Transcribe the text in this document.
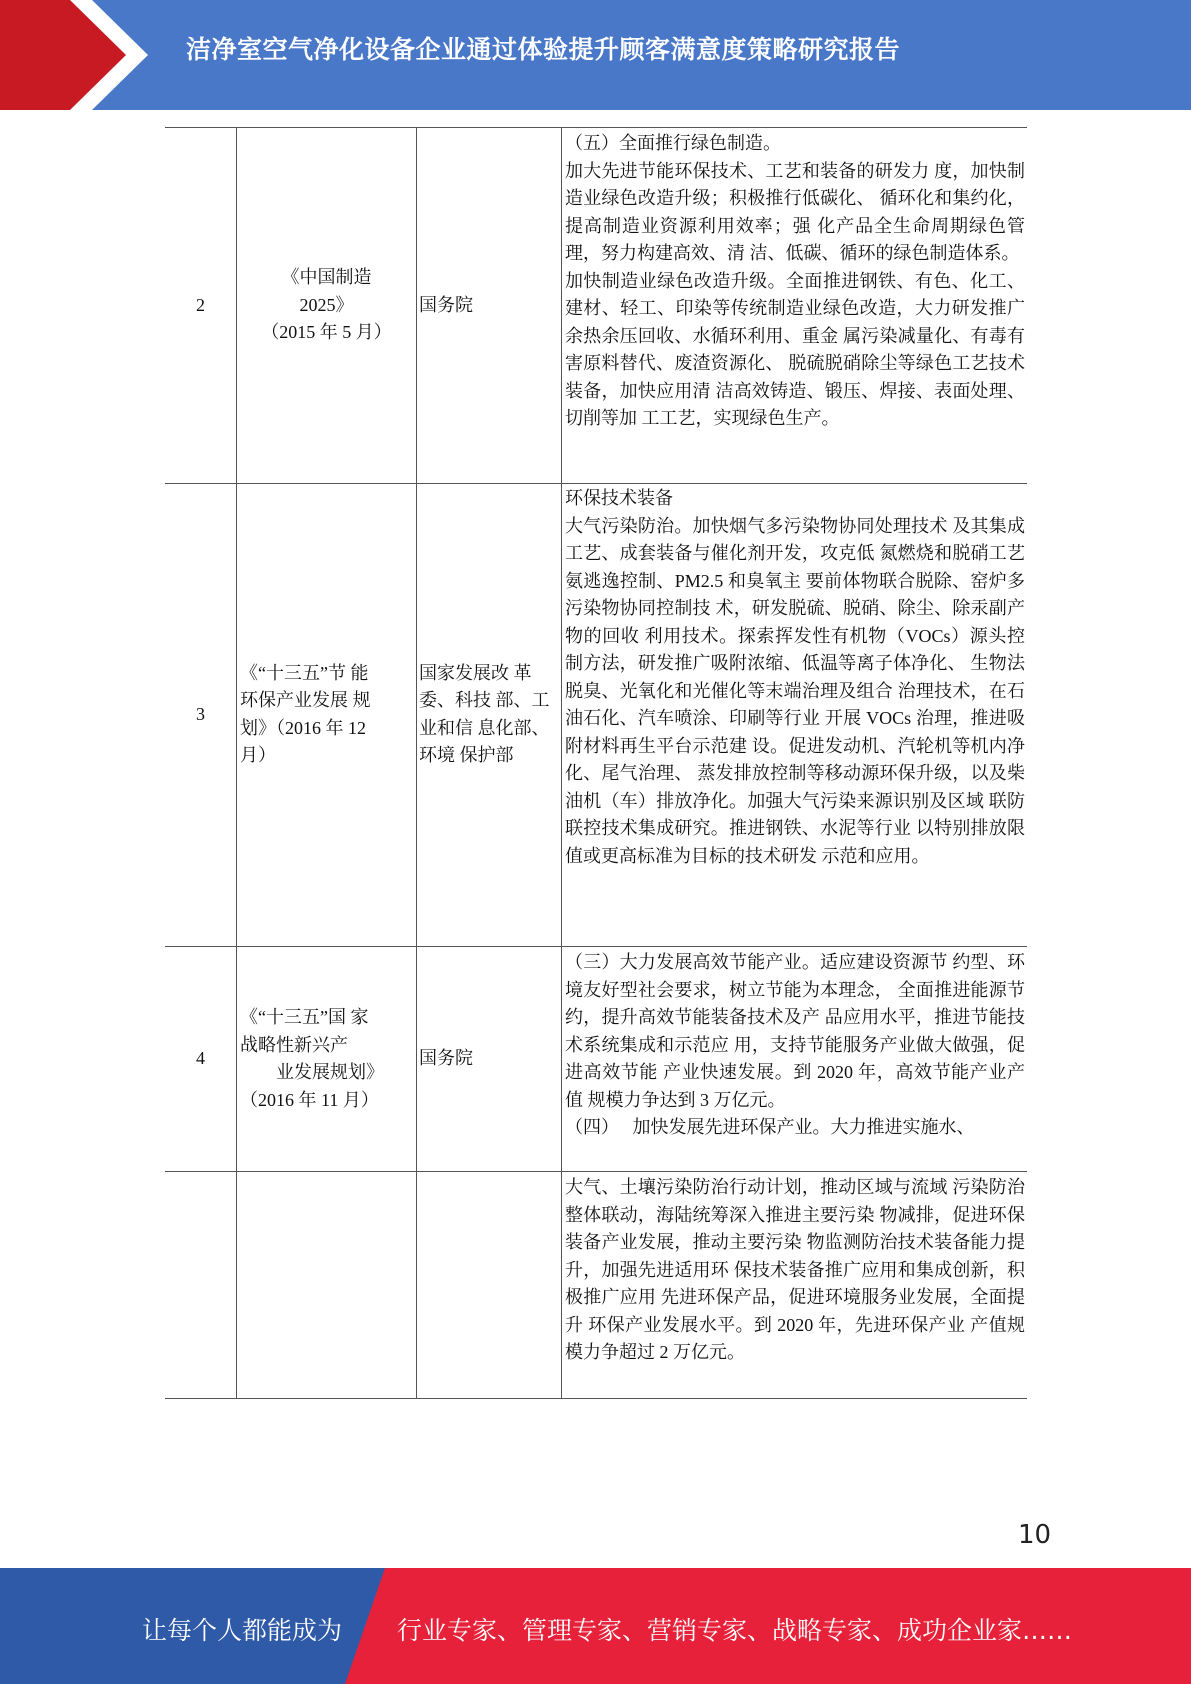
洁净室空气净化设备企业通过体验提升顾客满意度策略研究报告
2
《中国制造
2025》
（2015 年 5 月）
国务院

（五）全面推行绿色制造。

加大先进节能环保技术、工艺和装备的研发力 度，加快制造业绿色改造升级；积极推行低碳化、 循环化和集约化，提高制造业资源利用效率；强 化产品全生命周期绿色管理，努力构建高效、清 洁、低碳、循环的绿色制造体系。

加快制造业绿色改造升级。全面推进钢铁、有色、化工、建材、轻工、印染等传统制造业绿色改造，大力研发推广余热余压回收、水循环利用、重金 属污染减量化、有毒有害原料替代、废渣资源化、 脱硫脱硝除尘等绿色工艺技术装备，加快应用清 洁高效铸造、锻压、焊接、表面处理、切削等加 工工艺，实现绿色生产。

3
《“十三五”节 能
环保产业发展 规
划》（2016 年 12
月）
国家发展改 革委、科技 部、工业和信 息化部、环境 保护部

环保技术装备

大气污染防治。加快烟气多污染物协同处理技术 及其集成工艺、成套装备与催化剂开发，攻克低 氮燃烧和脱硝工艺氨逃逸控制、PM2.5 和臭氧主 要前体物联合脱除、窑炉多污染物协同控制技 术，研发脱硫、脱硝、除尘、除汞副产物的回收 利用技术。探索挥发性有机物（VOCs）源头控 制方法，研发推广吸附浓缩、低温等离子体净化、 生物法脱臭、光氧化和光催化等末端治理及组合 治理技术，在石油石化、汽车喷涂、印刷等行业 开展 VOCs 治理，推进吸附材料再生平台示范建 设。促进发动机、汽轮机等机内净化、尾气治理、 蒸发排放控制等移动源环保升级，以及柴油机（车）排放净化。加强大气污染来源识别及区域 联防联控技术集成研究。推进钢铁、水泥等行业 以特别排放限值或更高标准为目标的技术研发 示范和应用。

4
《“十三五”国 家
战略性新兴产
业发展规划》
（2016 年 11 月）
国务院

（三）大力发展高效节能产业。适应建设资源节 约型、环境友好型社会要求，树立节能为本理念， 全面推进能源节约，提升高效节能装备技术及产 品应用水平，推进节能技术系统集成和示范应 用，支持节能服务产业做大做强，促进高效节能 产业快速发展。到 2020 年，高效节能产业产值 规模力争达到 3 万亿元。

（四）　 加快发展先进环保产业。大力推进实施水、

大气、土壤污染防治行动计划，推动区域与流域 污染防治整体联动，海陆统筹深入推进主要污染 物减排，促进环保装备产业发展，推动主要污染 物监测防治技术装备能力提升，加强先进适用环 保技术装备推广应用和集成创新，积极推广应用 先进环保产品，促进环境服务业发展，全面提升 环保产业发展水平。到 2020 年，先进环保产业 产值规模力争超过 2 万亿元。

10
让每个人都能成为 行业专家、管理专家、营销专家、战略专家、成功企业家……
